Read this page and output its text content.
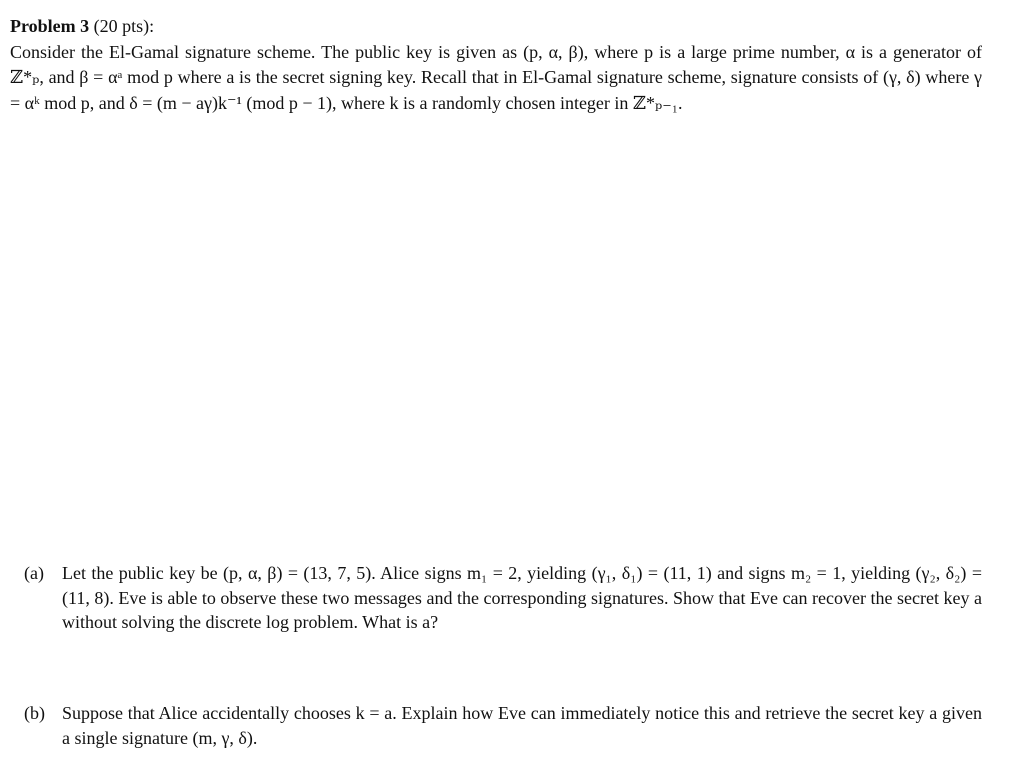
Problem 3 (20 pts):
Consider the El-Gamal signature scheme. The public key is given as (p, α, β), where p is a large prime number, α is a generator of ℤ*ₚ, and β = αᵃ mod p where a is the secret signing key. Recall that in El-Gamal signature scheme, signature consists of (γ, δ) where γ = αᵏ mod p, and δ = (m − aγ)k⁻¹ (mod p − 1), where k is a randomly chosen integer in ℤ*ₚ₋₁.
(a)	Let the public key be (p, α, β) = (13, 7, 5). Alice signs m₁ = 2, yielding (γ₁, δ₁) = (11, 1) and signs m₂ = 1, yielding (γ₂, δ₂) = (11, 8). Eve is able to observe these two messages and the corresponding signatures. Show that Eve can recover the secret key a without solving the discrete log problem. What is a?
(b) Suppose that Alice accidentally chooses k = a. Explain how Eve can immediately notice this and retrieve the secret key a given a single signature (m, γ, δ).
